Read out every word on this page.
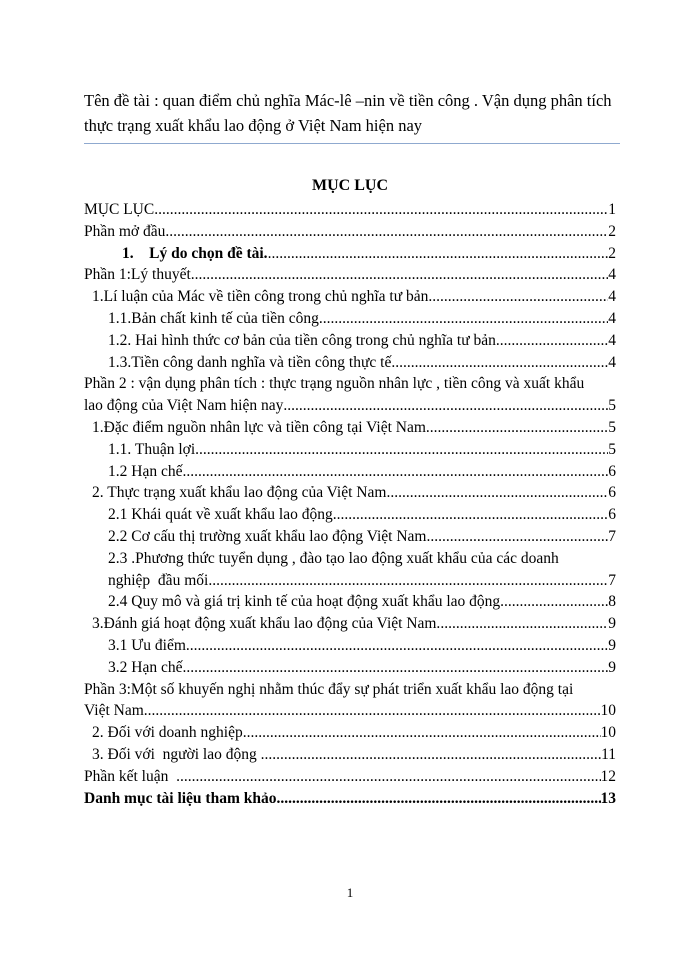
Tên đề tài : quan điểm chủ nghĩa Mác-lê –nin về tiền công . Vận dụng phân tích thực trạng xuất khẩu lao động ở Việt Nam hiện nay
MỤC LỤC
MỤC LỤC .....	1
Phần mở đầu .....	2
1.    Lý do chọn đề tài. .....	2
Phần 1:Lý thuyết .....	4
1.Lí luận của Mác về tiền công trong chủ nghĩa tư bản .....	4
1.1.Bản chất kinh tế của tiền công .....	4
1.2. Hai hình thức cơ bản của tiền công trong chủ nghĩa tư bản .....	4
1.3.Tiền công danh nghĩa và tiền công thực tế .....	4
Phần 2 : vận dụng phân tích : thực trạng nguồn nhân lực , tiền công và xuất khẩu
lao động của Việt Nam hiện nay .....	5
1.Đặc điểm nguồn nhân lực và tiền công tại Việt Nam. .....	5
1.1. Thuận lợi .....	5
1.2 Hạn chế .....	6
2. Thực trạng xuất khẩu lao động của Việt Nam .....	6
2.1 Khái quát về xuất khẩu lao động .....	6
2.2 Cơ cấu thị trường xuất khẩu lao động Việt Nam .....	7
2.3 .Phương thức tuyển dụng , đào tạo lao động xuất khẩu của các doanh
nghiệp  đầu mối .....	7
2.4 Quy mô và giá trị kinh tế của hoạt động xuất khẩu lao động .....	8
3.Đánh giá hoạt động xuất khẩu lao động của Việt Nam. .....	9
3.1 Ưu điểm. .....	9
3.2 Hạn chế .....	9
Phần 3:Một số khuyến nghị nhằm thúc đẩy sự phát triển xuất khẩu lao động tại
Việt Nam .....	10
2. Đối với doanh nghiệp. .....	10
3. Đối với  người lao động . .....	11
Phần kết luận  . .....	12
Danh mục tài liệu tham khảo .....	13
1
